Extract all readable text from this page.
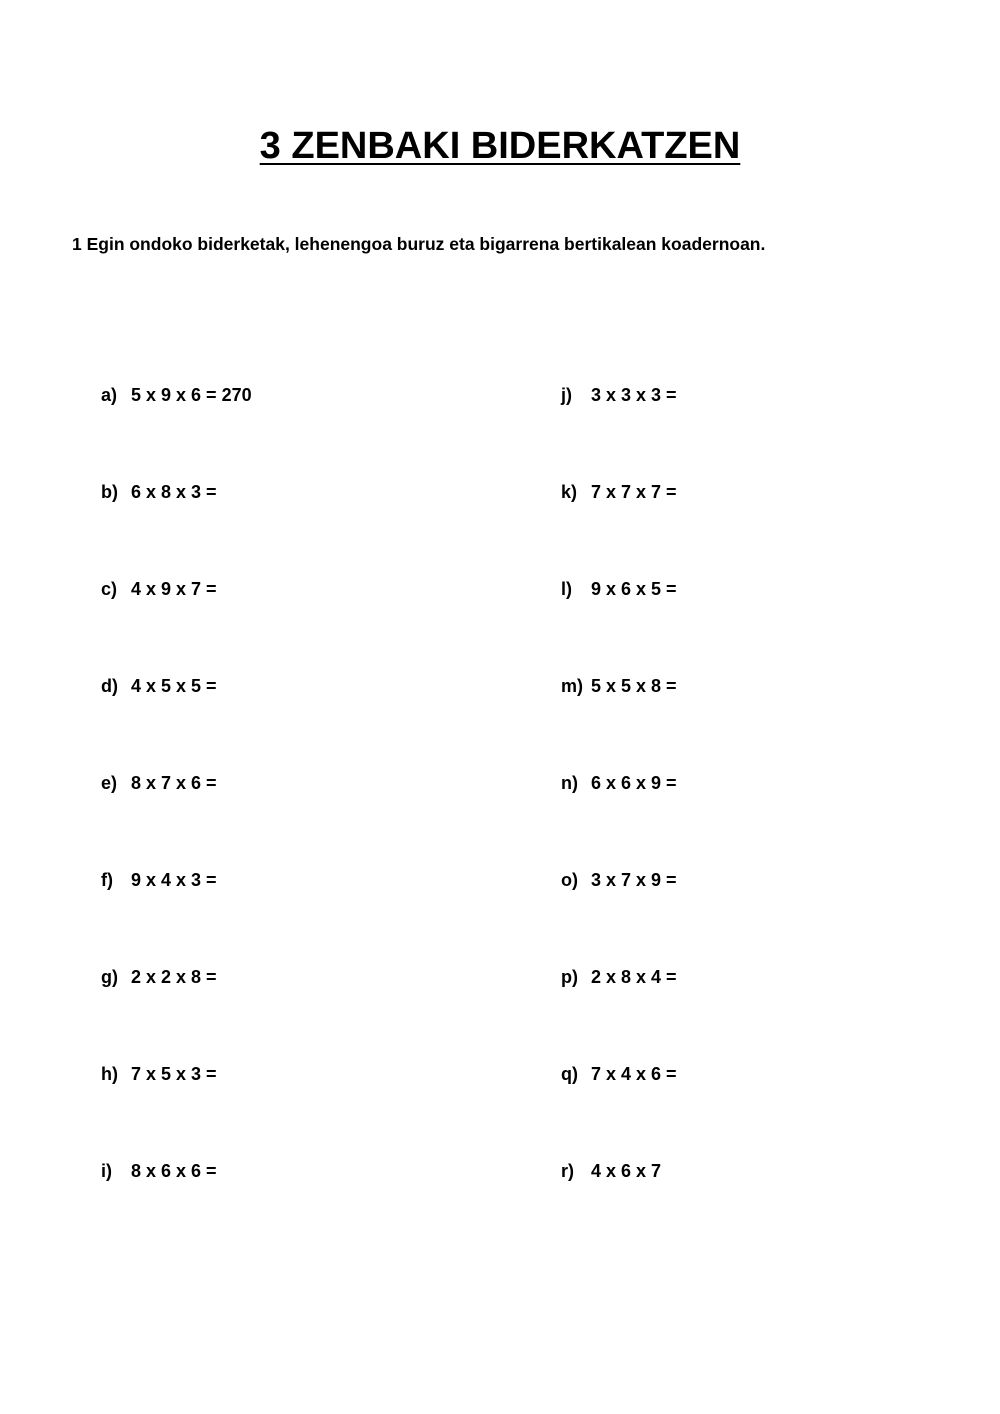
3 ZENBAKI BIDERKATZEN
1 Egin ondoko biderketak, lehenengoa buruz eta bigarrena bertikalean koadernoan.
a) 5 x 9 x 6 = 270
b) 6 x 8 x 3 =
c) 4 x 9 x 7 =
d) 4 x 5 x 5 =
e) 8 x 7 x 6 =
f)	9 x 4 x 3 =
g) 2 x 2 x 8 =
h) 7 x 5 x 3 =
i)	8 x 6 x 6 =
j)	3 x 3 x 3 =
k) 7 x 7 x 7 =
l)	9 x 6 x 5 =
m) 5 x 5 x 8 =
n) 6 x 6 x 9 =
o) 3 x 7 x 9 =
p) 2 x 8 x 4 =
q) 7 x 4 x 6 =
r) 4 x 6 x 7
